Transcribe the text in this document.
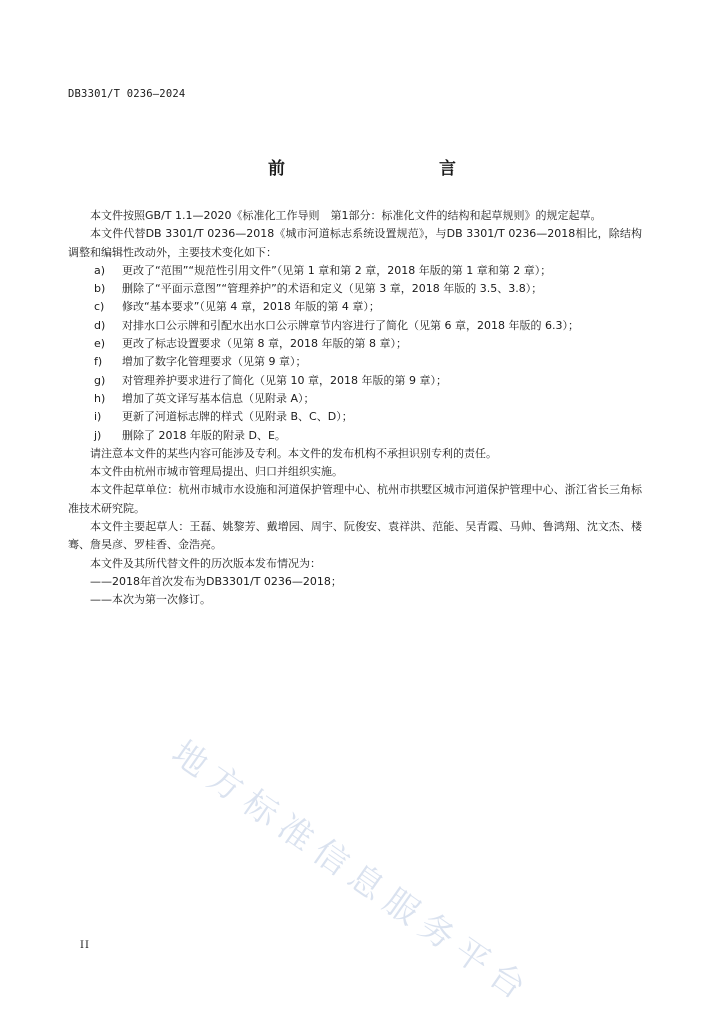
DB3301/T 0236—2024
前　　言

本文件按照GB/T 1.1—2020《标准化工作导则　第1部分：标准化文件的结构和起草规则》的规定起草。

本文件代替DB 3301/T 0236—2018《城市河道标志系统设置规范》，与DB 3301/T 0236—2018相比，除结构调整和编辑性改动外，主要技术变化如下：

a)	更改了“范围”“规范性引用文件”（见第 1 章和第 2 章，2018 年版的第 1 章和第 2 章）；
b)	删除了“平面示意图”“管理养护”的术语和定义（见第 3 章，2018 年版的 3.5、3.8）；
c)	修改“基本要求”（见第 4 章，2018 年版的第 4 章）；
d)	对排水口公示牌和引配水出水口公示牌章节内容进行了简化（见第 6 章，2018 年版的 6.3）；
e)	更改了标志设置要求（见第 8 章，2018 年版的第 8 章）；
f)	增加了数字化管理要求（见第 9 章）；
g)	对管理养护要求进行了简化（见第 10 章，2018 年版的第 9 章）；
h)	增加了英文译写基本信息（见附录 A）；
i)	更新了河道标志牌的样式（见附录 B、C、D）；
j)	删除了 2018 年版的附录 D、E。

请注意本文件的某些内容可能涉及专利。本文件的发布机构不承担识别专利的责任。

本文件由杭州市城市管理局提出、归口并组织实施。

本文件起草单位：杭州市城市水设施和河道保护管理中心、杭州市拱墅区城市河道保护管理中心、浙江省长三角标准技术研究院。

本文件主要起草人：王磊、姚黎芳、戴增园、周宇、阮俊安、袁祥洪、范能、吴青霞、马帅、鲁鸿翔、沈文杰、楼骞、詹昊彦、罗桂香、金浩亮。

本文件及其所代替文件的历次版本发布情况为：

——2018年首次发布为DB3301/T 0236—2018；

——本次为第一次修订。

地方标准信息服务平台
II
